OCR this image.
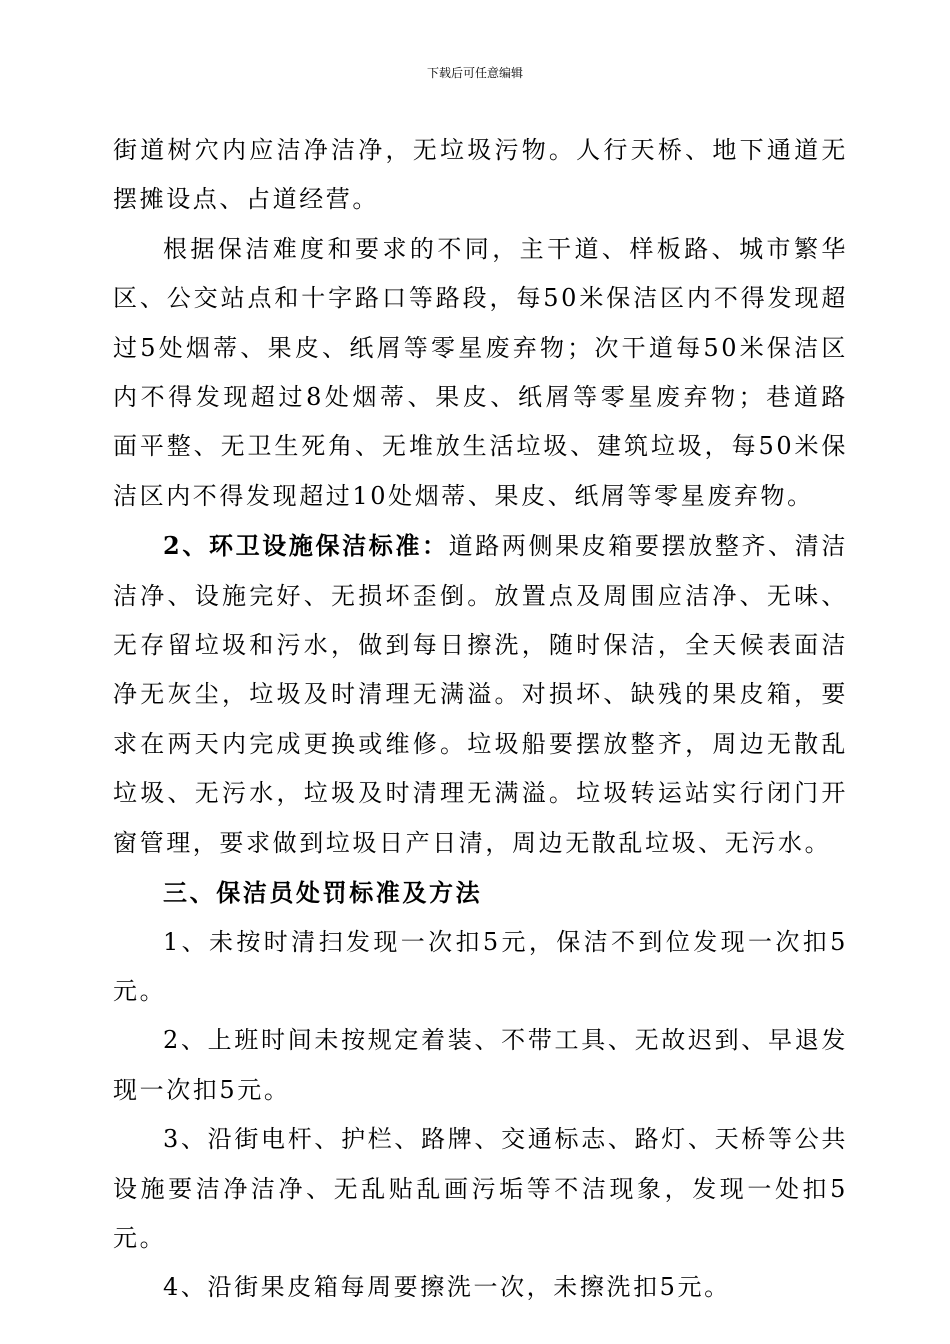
下载后可任意编辑

街道树穴内应洁净洁净，无垃圾污物。人行天桥、地下通道无摆摊设点、占道经营。

根据保洁难度和要求的不同，主干道、样板路、城市繁华区、公交站点和十字路口等路段，每50米保洁区内不得发现超过5处烟蒂、果皮、纸屑等零星废弃物；次干道每50米保洁区内不得发现超过8处烟蒂、果皮、纸屑等零星废弃物；巷道路面平整、无卫生死角、无堆放生活垃圾、建筑垃圾，每50米保洁区内不得发现超过10处烟蒂、果皮、纸屑等零星废弃物。

2、环卫设施保洁标准：道路两侧果皮箱要摆放整齐、清洁洁净、设施完好、无损坏歪倒。放置点及周围应洁净、无味、无存留垃圾和污水，做到每日擦洗，随时保洁，全天候表面洁净无灰尘，垃圾及时清理无满溢。对损坏、缺残的果皮箱，要求在两天内完成更换或维修。垃圾船要摆放整齐，周边无散乱垃圾、无污水，垃圾及时清理无满溢。垃圾转运站实行闭门开窗管理，要求做到垃圾日产日清，周边无散乱垃圾、无污水。

三、保洁员处罚标准及方法

1、未按时清扫发现一次扣5元，保洁不到位发现一次扣5元。

2、上班时间未按规定着装、不带工具、无故迟到、早退发现一次扣5元。

3、沿街电杆、护栏、路牌、交通标志、路灯、天桥等公共设施要洁净洁净、无乱贴乱画污垢等不洁现象，发现一处扣5元。

4、沿街果皮箱每周要擦洗一次，未擦洗扣5元。
